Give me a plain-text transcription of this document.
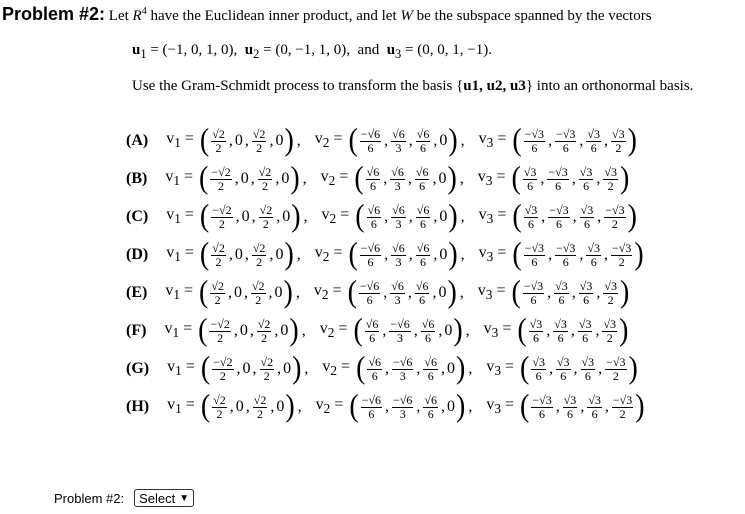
Problem #2: Let $R^4$ have the Euclidean inner product, and let W be the subspace spanned by the vectors
$u_1 = (-1$, 0, 1, 0), $u_2 = (0$, −1, 1, 0), and $u_3 = (0$, 0, 1, −1).
Use the Gram-Schmidt process to transform the basis {u1, u2, u3} into an orthonormal basis.
(A) $v_1$ = ( $\frac{√2}{2}$ , 0 , $\frac{√2}{2}$ , 0 ) , $v_2$ = ( $\frac{-√6}{6}$ , $\frac{√6}{3}$ , $\frac{√6}{6}$ , 0 ) , $v_3$ = ( $\frac{-√3}{6}$ , $\frac{-√3}{6}$ , $\frac{√3}{6}$ , $\frac{√3}{2}$ )
(B) $v_1$ = ( $\frac{-√2}{2}$ , 0 , $\frac{√2}{2}$ , 0 ) , $v_2$ = ( $\frac{√6}{6}$ , $\frac{√6}{3}$ , $\frac{√6}{6}$ , 0 ) , $v_3$ = ( $\frac{√3}{6}$ , $\frac{-√3}{6}$ , $\frac{√3}{6}$ , $\frac{√3}{2}$ )
(C) $v_1$ = ( $\frac{-√2}{2}$ , 0 , $\frac{√2}{2}$ , 0 ) , $v_2$ = ( $\frac{√6}{6}$ , $\frac{√6}{3}$ , $\frac{√6}{6}$ , 0 ) , $v_3$ = ( $\frac{√3}{6}$ , $\frac{-√3}{6}$ , $\frac{√3}{6}$ , $\frac{-√3}{2}$ )
(D) $v_1$ = ( $\frac{√2}{2}$ , 0 , $\frac{√2}{2}$ , 0 ) , $v_2$ = ( $\frac{-√6}{6}$ , $\frac{√6}{3}$ , $\frac{√6}{6}$ , 0 ) , $v_3$ = ( $\frac{-√3}{6}$ , $\frac{-√3}{6}$ , $\frac{√3}{6}$ , $\frac{-√3}{2}$ )
(E) $v_1$ = ( $\frac{√2}{2}$ , 0 , $\frac{√2}{2}$ , 0 ) , $v_2$ = ( $\frac{-√6}{6}$ , $\frac{√6}{3}$ , $\frac{√6}{6}$ , 0 ) , $v_3$ = ( $\frac{-√3}{6}$ , $\frac{√3}{6}$ , $\frac{√3}{6}$ , $\frac{√3}{2}$ )
(F) $v_1$ = ( $\frac{-√2}{2}$ , 0 , $\frac{√2}{2}$ , 0 ) , $v_2$ = ( $\frac{√6}{6}$ , $\frac{-√6}{3}$ , $\frac{√6}{6}$ , 0 ) , $v_3$ = ( $\frac{√3}{6}$ , $\frac{√3}{6}$ , $\frac{√3}{6}$ , $\frac{√3}{2}$ )
(G) $v_1$ = ( $\frac{-√2}{2}$ , 0 , $\frac{√2}{2}$ , 0 ) , $v_2$ = ( $\frac{√6}{6}$ , $\frac{-√6}{3}$ , $\frac{√6}{6}$ , 0 ) , $v_3$ = ( $\frac{√3}{6}$ , $\frac{√3}{6}$ , $\frac{√3}{6}$ , $\frac{-√3}{2}$ )
(H) $v_1$ = ( $\frac{√2}{2}$ , 0 , $\frac{√2}{2}$ , 0 ) , $v_2$ = ( $\frac{-√6}{6}$ , $\frac{-√6}{3}$ , $\frac{√6}{6}$ , 0 ) , $v_3$ = ( $\frac{-√3}{6}$ , $\frac{√3}{6}$ , $\frac{√3}{6}$ , $\frac{-√3}{2}$ )
Problem #2: Select ▼
